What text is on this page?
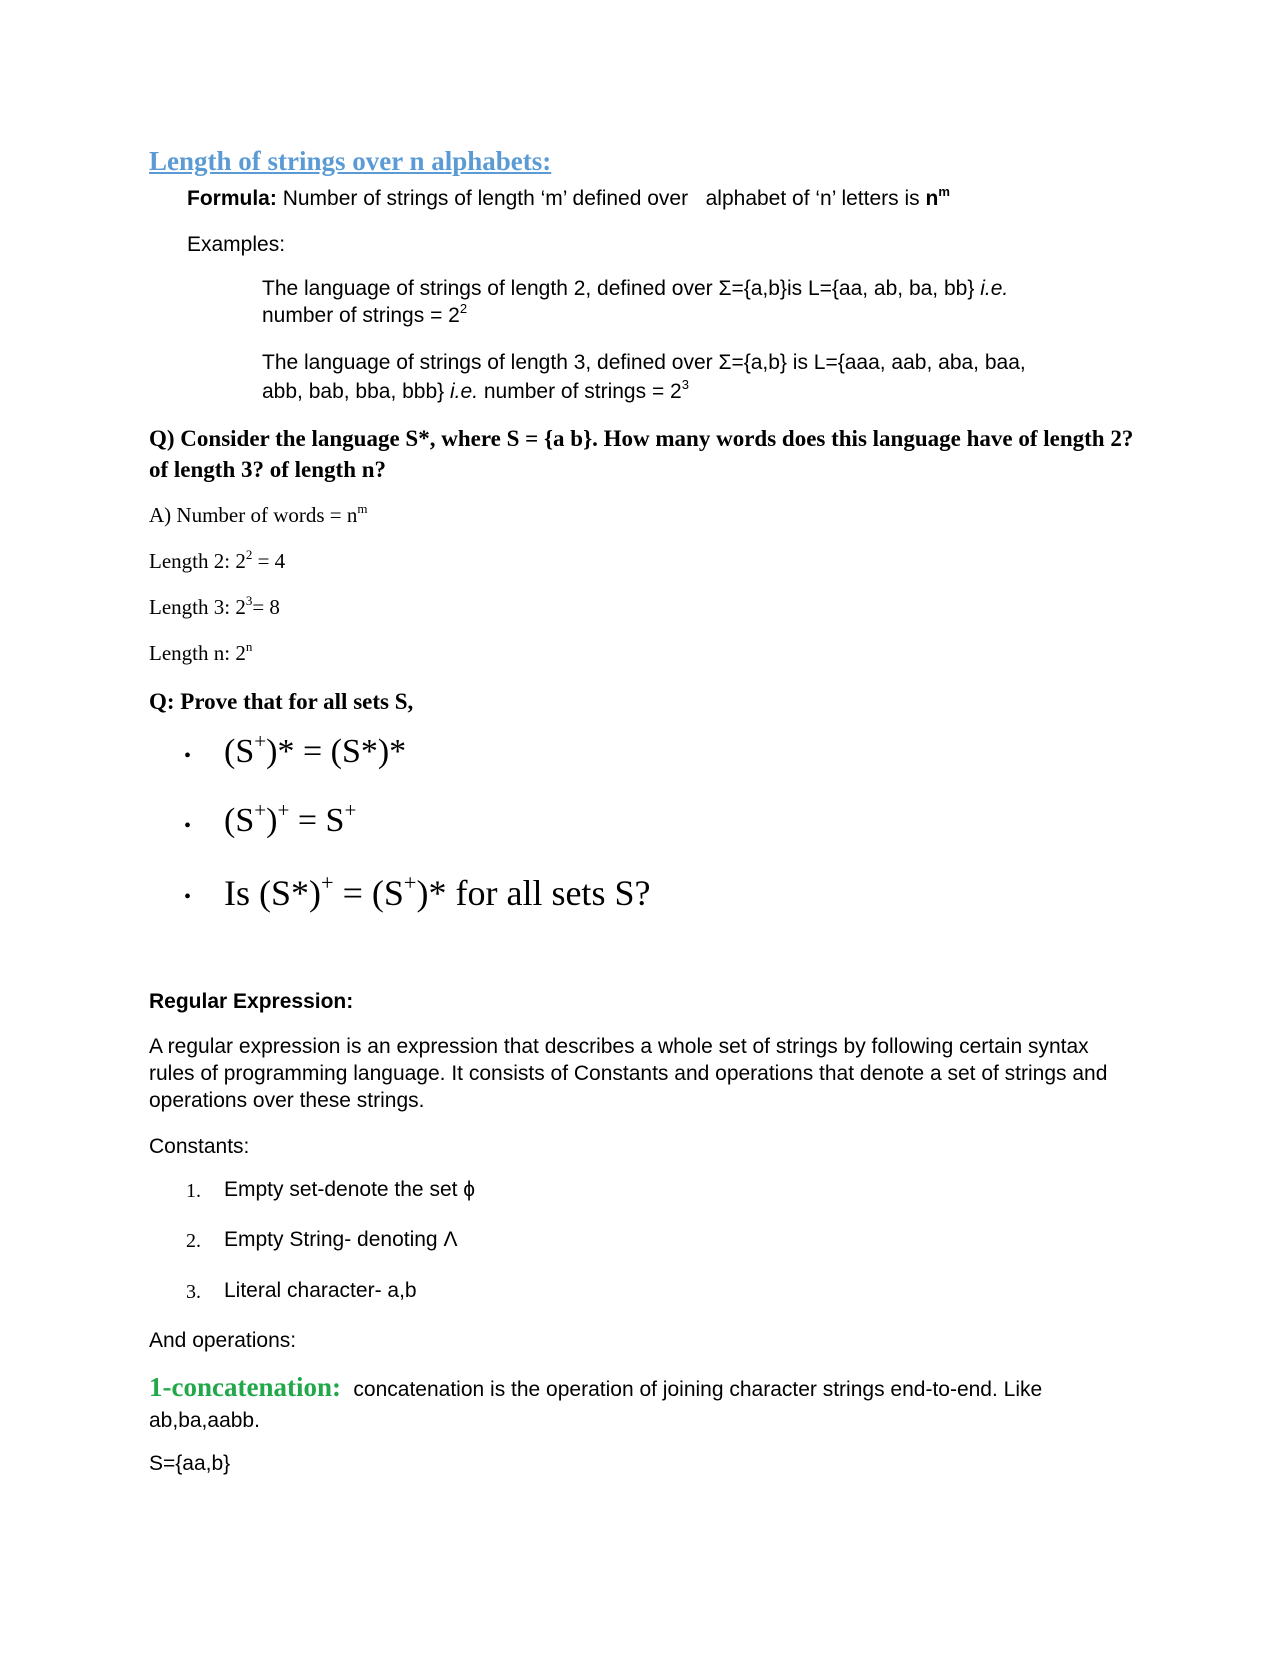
Length of strings over n alphabets:
Formula: Number of strings of length ‘m’ defined over alphabet of ‘n’ letters is $n^m$
Examples:
The language of strings of length 2, defined over Σ={a,b}is L={aa, ab, ba, bb} i.e.
number of strings = $2^2$
The language of strings of length 3, defined over Σ={a,b} is L={aaa, aab, aba, baa,
abb, bab, bba, bbb} i.e. number of strings = $2^3$
Q) Consider the language S*, where S = {a b}. How many words does this language have of length 2? of length 3? of length n?
A) Number of words = $n^m$
Length 2: $2^2 = 4$
Length 3: $2^3= 8$
Length n: 2$^n$
Q: Prove that for all sets S,
• (S+)* = (S*)*
• (S+)+ = S+
• Is (S*)+ = (S+)* for all sets S?
Regular Expression:
A regular expression is an expression that describes a whole set of strings by following certain syntax rules of programming language. It consists of Constants and operations that denote a set of strings and operations over these strings.
Constants:
1. Empty set-denote the set ϕ
2. Empty String- denoting Λ
3. Literal character- a,b
And operations:
1-concatenation: concatenation is the operation of joining character strings end-to-end. Like
ab,ba,aabb.
S={aa,b}
